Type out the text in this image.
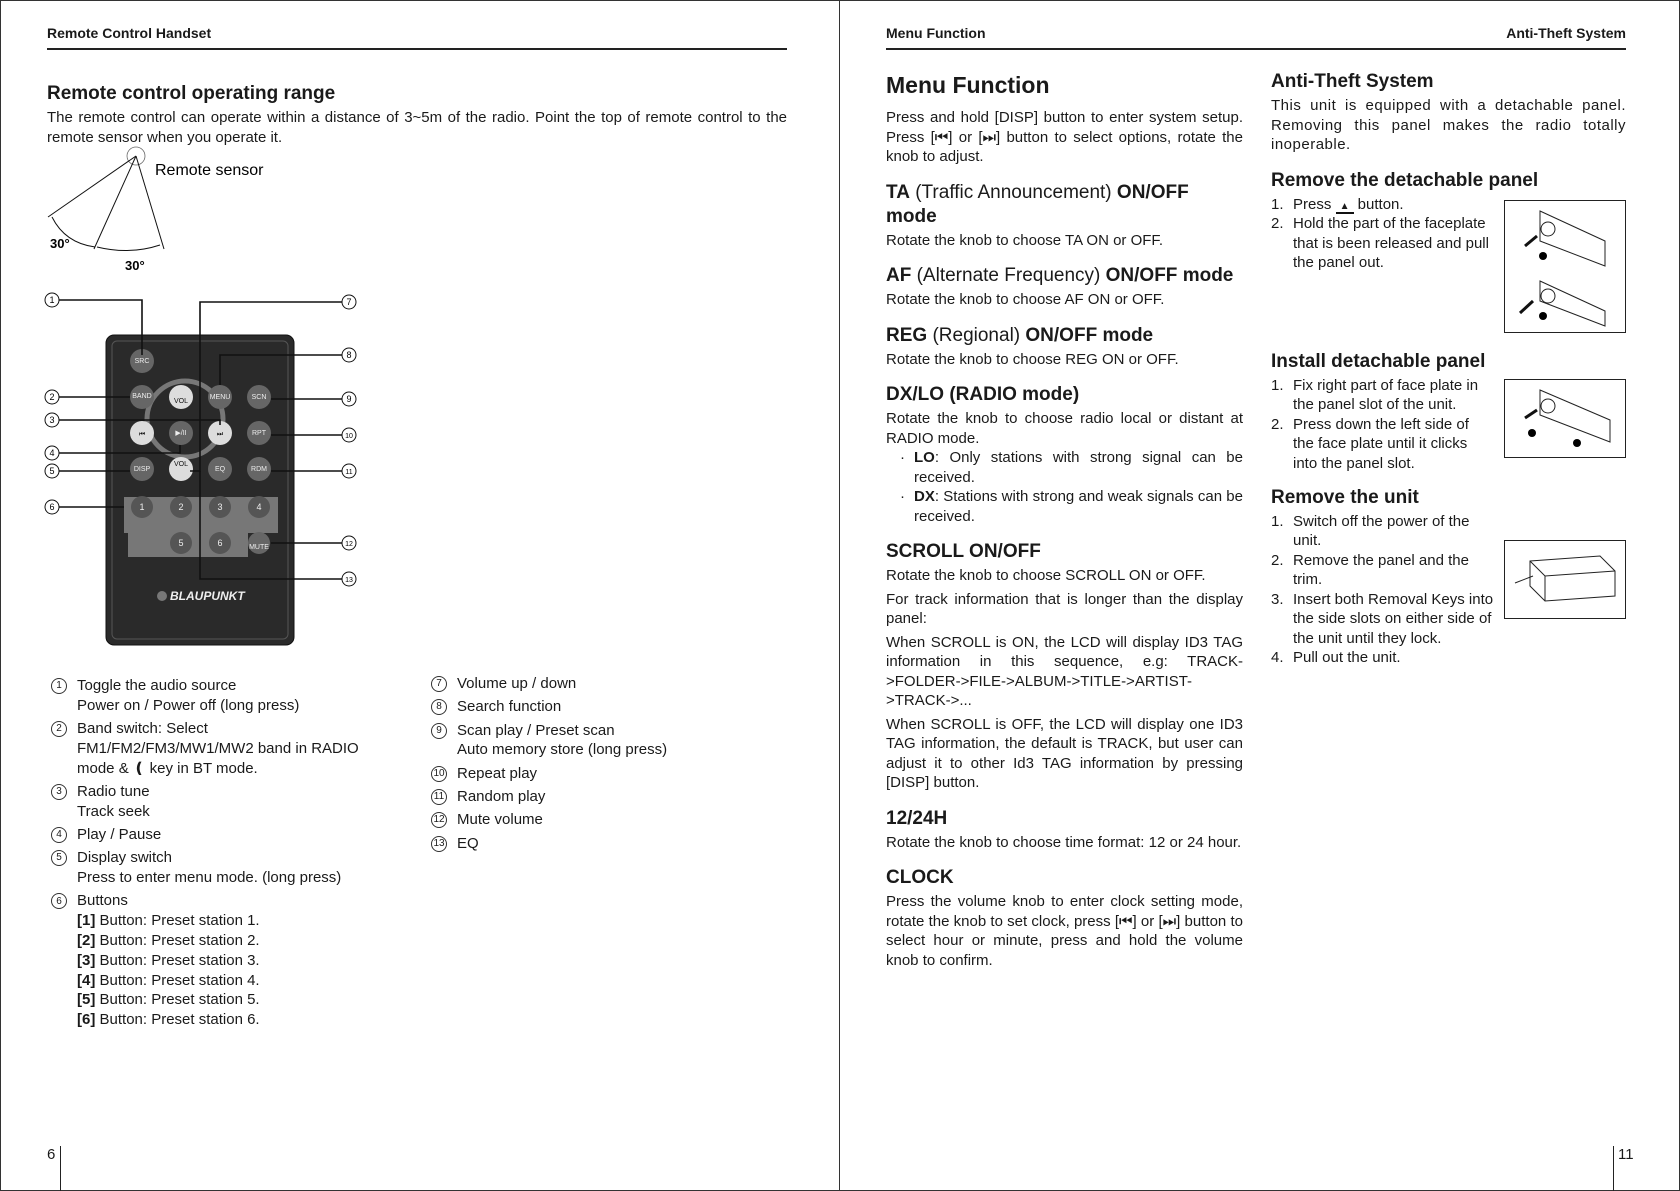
Remote Control Handset
Remote control operating range

The remote control can operate within a distance of 3~5m of the radio. Point the top of remote control to the remote sensor when you operate it.

Remote sensor
30°
30°
SRC
BAND
VOL
MENU	SCN
⏮	▶/II	⏭	RPT
DISP
VOL
EQ	RDM
1	2	3	4
5	6	MUTE
BLAUPUNKT
1
2
3
4
5
6
7
8
9
10
11
12
13
1	Toggle the audio source
Power on / Power off (long press)
2	Band switch: Select
FM1/FM2/FM3/MW1/MW2 band in RADIO
mode & ❪ key in BT mode.
3	Radio tune
Track seek
4	Play / Pause
5	Display switch
Press to enter menu mode. (long press)
6	Buttons
[1] Button: Preset station 1.
[2] Button: Preset station 2.
[3] Button: Preset station 3.
[4] Button: Preset station 4.
[5] Button: Preset station 5.
[6] Button: Preset station 6.
7	Volume up / down
8	Search function
9	Scan play / Preset scan
Auto memory store (long press)
10 Repeat play
11 Random play
12 Mute volume
13 EQ
6
Menu Function	Anti-Theft System
Menu Function

Press and hold [DISP] button to enter system setup. Press [⏮] or [⏭] button to select options, rotate the knob to adjust.

TA (Traffic Announcement) ON/OFF mode

Rotate the knob to choose TA ON or OFF.

AF (Alternate Frequency) ON/OFF mode

Rotate the knob to choose AF ON or OFF.

REG (Regional) ON/OFF mode

Rotate the knob to choose REG ON or OFF.

DX/LO (RADIO mode)

Rotate the knob to choose radio local or distant at RADIO mode.

· LO: Only stations with strong signal can be received.

· DX: Stations with strong and weak signals can be received.

SCROLL ON/OFF

Rotate the knob to choose SCROLL ON or OFF.

For track information that is longer than the display panel:

When SCROLL is ON, the LCD will display ID3 TAG information in this sequence, e.g: TRACK- >FOLDER->FILE->ALBUM->TITLE->ARTIST->TRACK->...

When SCROLL is OFF, the LCD will display one ID3 TAG information, the default is TRACK, but user can adjust it to other Id3 TAG information by pressing [DISP] button.

12/24H

Rotate the knob to choose time format: 12 or 24 hour.

CLOCK

Press the volume knob to enter clock setting mode, rotate the knob to set clock, press [⏮] or [⏭] button to select hour or minute, press and hold the volume knob to confirm.

Anti-Theft System

This unit is equipped with a detachable panel. Removing this panel makes the radio totally inoperable.

Remove the detachable panel
1. Press ▲ button.
2. Hold the part of the faceplate that is been released and pull the panel out.
Install detachable panel
1. Fix right part of face plate in the panel slot of the unit.
2. Press down the left side of the face plate until it clicks into the panel slot.
Remove the unit
1. Switch off the power of the unit.
2. Remove the panel and the trim.
3. Insert both Removal Keys into the side slots on either side of the unit until they lock.
4. Pull out the unit.
11
